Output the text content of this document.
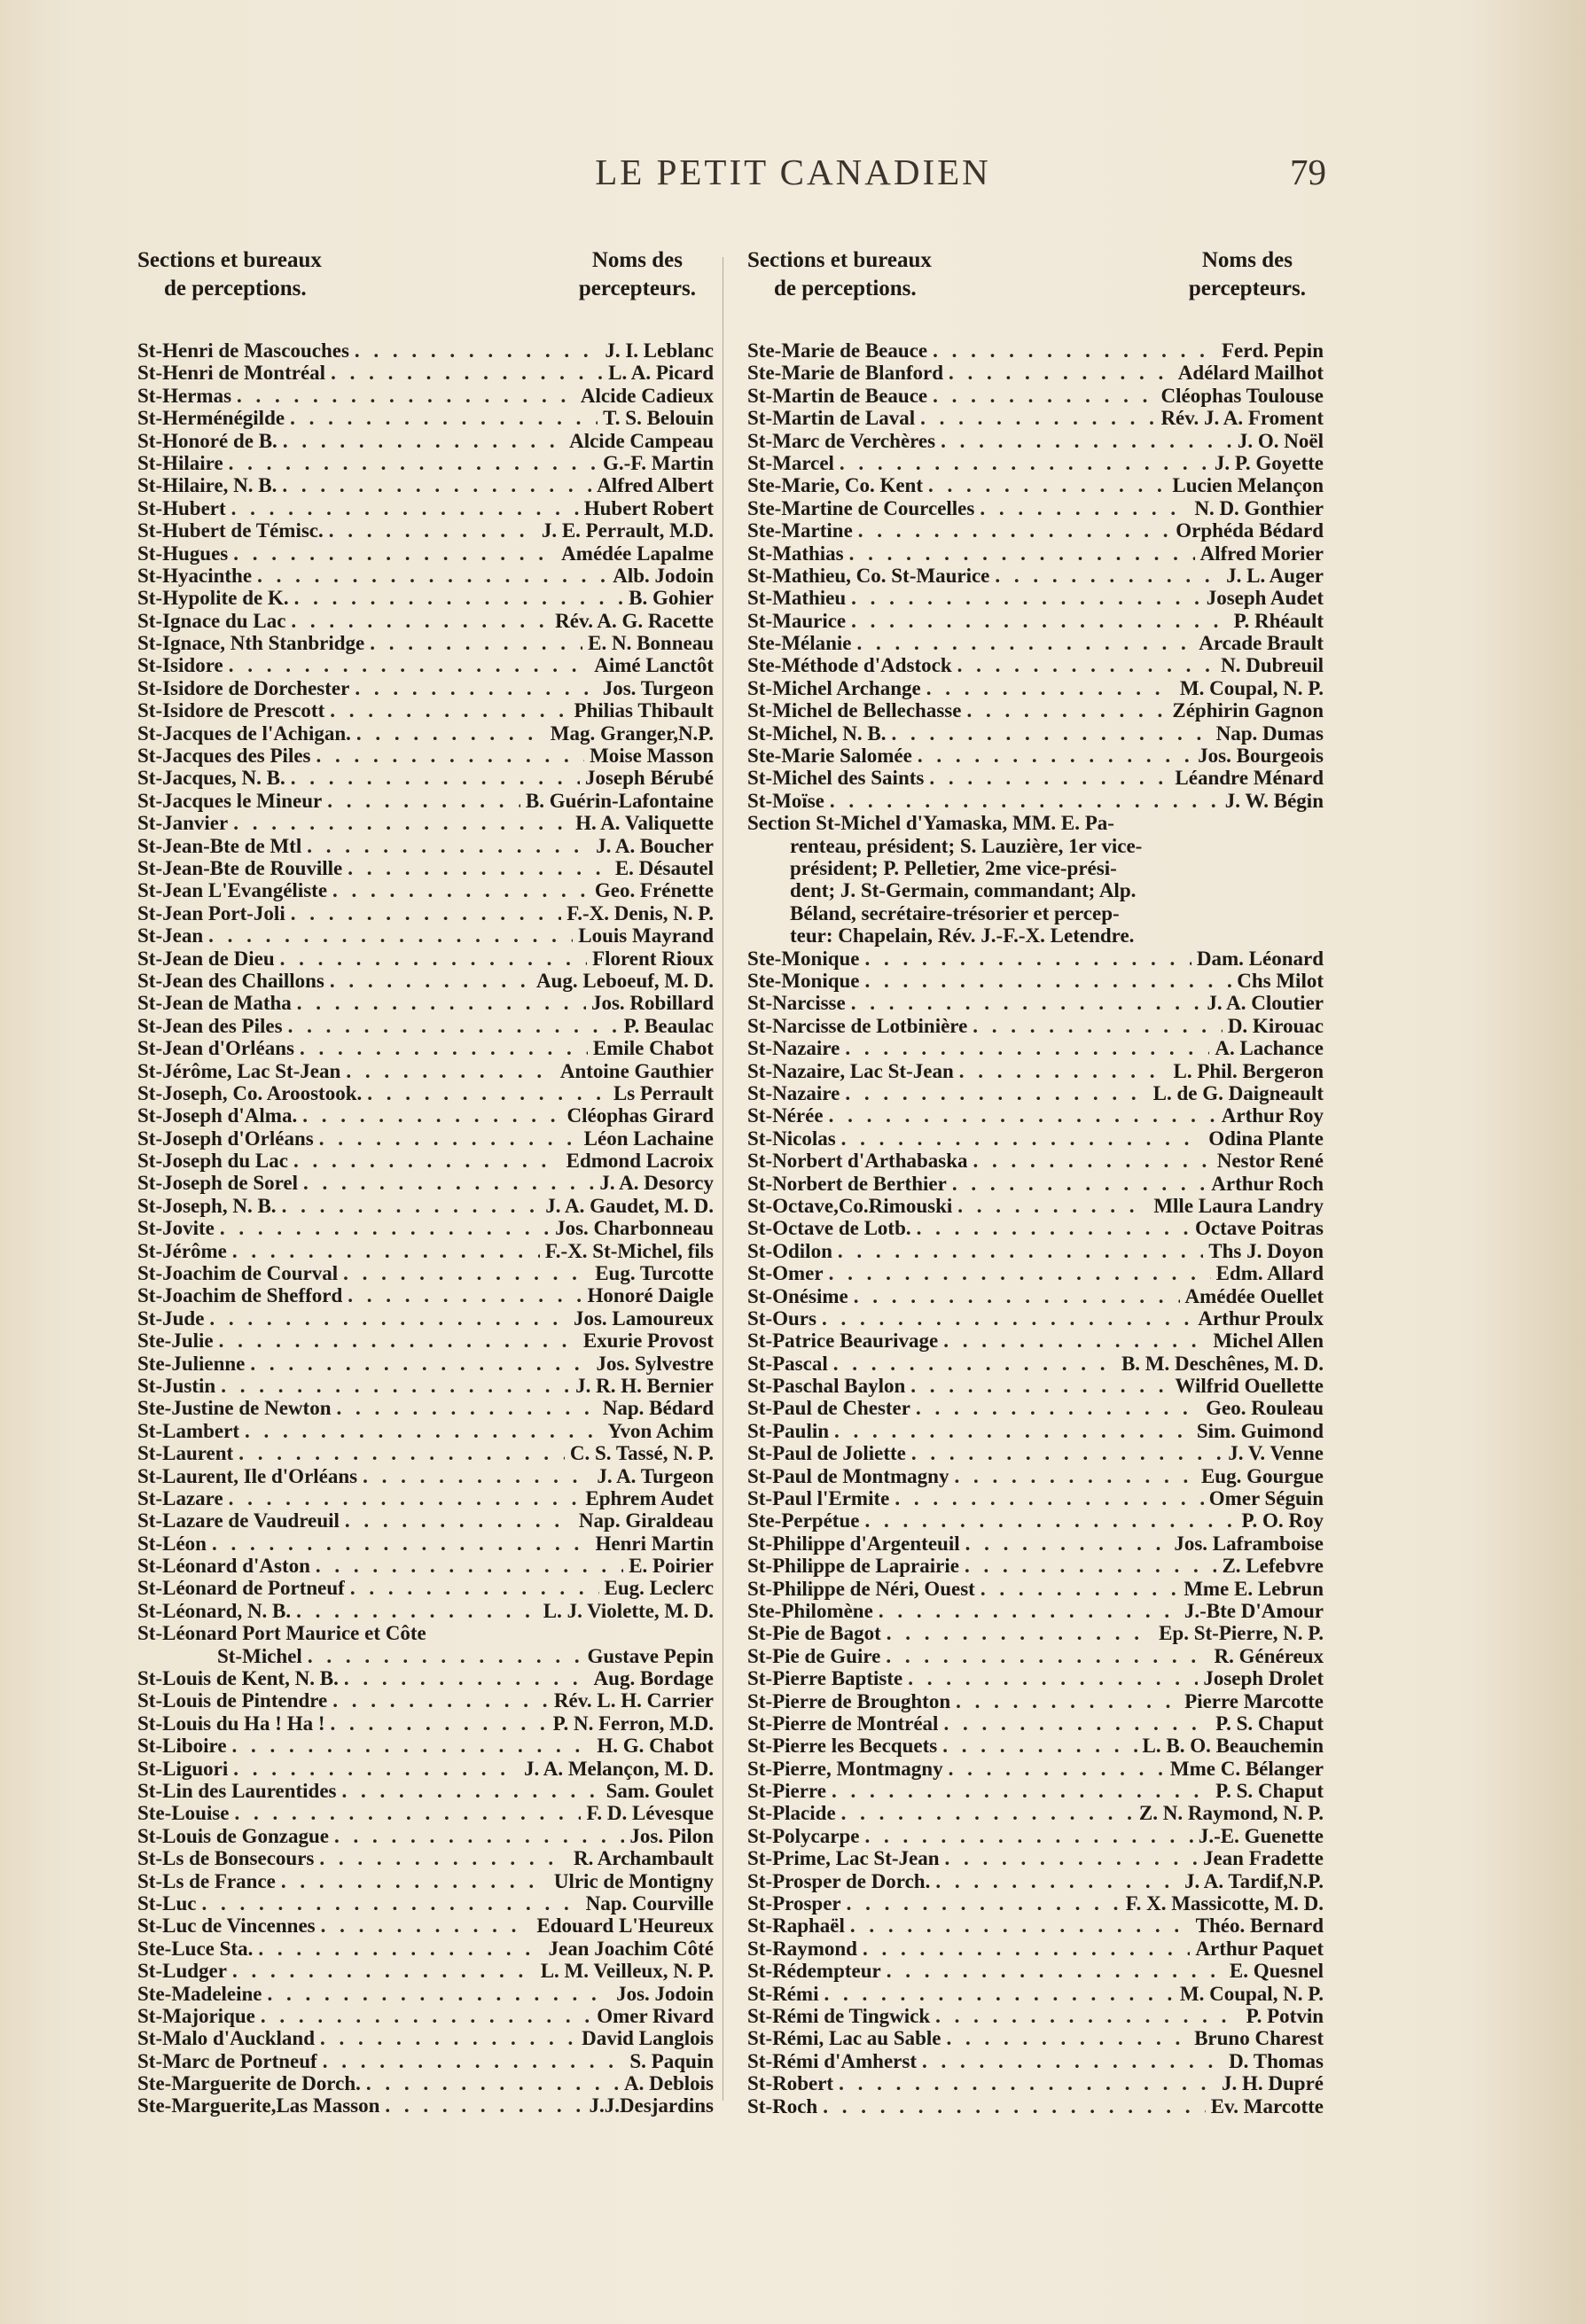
LE PETIT CANADIEN	79
Sections et bureaux
de perceptions.
Noms des
percepteurs.
St-Henri de Mascouches . . .	J. I. Leblanc
St-Henri de Montréal . . .	L. A. Picard
St-Hermas . . .	Alcide Cadieux
St-Herménégilde . . .	T. S. Belouin
St-Honoré de B. . . .	Alcide Campeau
St-Hilaire . . .	G.-F. Martin
St-Hilaire, N. B. . . .	Alfred Albert
St-Hubert . . .	Hubert Robert
St-Hubert de Témisc. . . .	J. E. Perrault, M.D.
St-Hugues . . .	Amédée Lapalme
St-Hyacinthe . . .	Alb. Jodoin
St-Hypolite de K. . . .	B. Gohier
St-Ignace du Lac . . .	Rév. A. G. Racette
St-Ignace, Nth Stanbridge . . .	E. N. Bonneau
St-Isidore . . .	Aimé Lanctôt
St-Isidore de Dorchester . . .	Jos. Turgeon
St-Isidore de Prescott . . .	Philias Thibault
St-Jacques de l'Achigan. . . .	Mag. Granger,N.P.
St-Jacques des Piles . . .	Moise Masson
St-Jacques, N. B. . . .	Joseph Bérubé
St-Jacques le Mineur . . .	B. Guérin-Lafontaine
St-Janvier . . .	H. A. Valiquette
St-Jean-Bte de Mtl . . .	J. A. Boucher
St-Jean-Bte de Rouville . . .	E. Désautel
St-Jean L'Evangéliste . . .	Geo. Frénette
St-Jean Port-Joli . . .	F.-X. Denis, N. P.
St-Jean . . .	Louis Mayrand
St-Jean de Dieu . . .	Florent Rioux
St-Jean des Chaillons . . .	Aug. Leboeuf, M. D.
St-Jean de Matha . . .	Jos. Robillard
St-Jean des Piles . . .	P. Beaulac
St-Jean d'Orléans . . .	Emile Chabot
St-Jérôme, Lac St-Jean . . .	Antoine Gauthier
St-Joseph, Co. Aroostook. . . .	Ls Perrault
St-Joseph d'Alma. . . .	Cléophas Girard
St-Joseph d'Orléans . . .	Léon Lachaine
St-Joseph du Lac . . .	Edmond Lacroix
St-Joseph de Sorel . . .	J. A. Desorcy
St-Joseph, N. B. . . .	J. A. Gaudet, M. D.
St-Jovite . . .	Jos. Charbonneau
St-Jérôme . . .	F.-X. St-Michel, fils
St-Joachim de Courval . . .	Eug. Turcotte
St-Joachim de Shefford . . .	Honoré Daigle
St-Jude . . .	Jos. Lamoureux
Ste-Julie . . .	Exurie Provost
Ste-Julienne . . .	Jos. Sylvestre
St-Justin . . .	J. R. H. Bernier
Ste-Justine de Newton . . .	Nap. Bédard
St-Lambert . . .	Yvon Achim
St-Laurent . . .	C. S. Tassé, N. P.
St-Laurent, Ile d'Orléans . . .	J. A. Turgeon
St-Lazare . . .	Ephrem Audet
St-Lazare de Vaudreuil . . .	Nap. Giraldeau
St-Léon . . .	Henri Martin
St-Léonard d'Aston . . .	E. Poirier
St-Léonard de Portneuf . . .	Eug. Leclerc
St-Léonard, N. B. . . .	L. J. Violette, M. D.
St-Léonard Port Maurice et Côte
St-Michel . . .	Gustave Pepin
St-Louis de Kent, N. B. . . .	Aug. Bordage
St-Louis de Pintendre . . .	Rév. L. H. Carrier
St-Louis du Ha ! Ha ! . . .	P. N. Ferron, M.D.
St-Liboire . . .	H. G. Chabot
St-Liguori . . .	J. A. Melançon, M. D.
St-Lin des Laurentides . . .	Sam. Goulet
Ste-Louise . . .	F. D. Lévesque
St-Louis de Gonzague . . .	Jos. Pilon
St-Ls de Bonsecours . . .	R. Archambault
St-Ls de France . . .	Ulric de Montigny
St-Luc . . .	Nap. Courville
St-Luc de Vincennes . . .	Edouard L'Heureux
Ste-Luce Sta. . . .	Jean Joachim Côté
St-Ludger . . .	L. M. Veilleux, N. P.
Ste-Madeleine . . .	Jos. Jodoin
St-Majorique . . .	Omer Rivard
St-Malo d'Auckland . . .	David Langlois
St-Marc de Portneuf . . .	S. Paquin
Ste-Marguerite de Dorch. . . .	A. Deblois
Ste-Marguerite,Las Masson . . .	J.J.Desjardins
Sections et bureaux
de perceptions.
Noms des
percepteurs.
Ste-Marie de Beauce . . .	Ferd. Pepin
Ste-Marie de Blanford . . .	Adélard Mailhot
St-Martin de Beauce . . .	Cléophas Toulouse
St-Martin de Laval . . .	Rév. J. A. Froment
St-Marc de Verchères . . .	J. O. Noël
St-Marcel . . .	J. P. Goyette
Ste-Marie, Co. Kent . . .	Lucien Melançon
Ste-Martine de Courcelles . . .	N. D. Gonthier
Ste-Martine . . .	Orphéda Bédard
St-Mathias . . .	Alfred Morier
St-Mathieu, Co. St-Maurice . . .	J. L. Auger
St-Mathieu . . .	Joseph Audet
St-Maurice . . .	P. Rhéault
Ste-Mélanie . . .	Arcade Brault
Ste-Méthode d'Adstock . . .	N. Dubreuil
St-Michel Archange . . .	M. Coupal, N. P.
St-Michel de Bellechasse . . .	Zéphirin Gagnon
St-Michel, N. B. . . .	Nap. Dumas
Ste-Marie Salomée . . .	Jos. Bourgeois
St-Michel des Saints . . .	Léandre Ménard
St-Moïse . . .	J. W. Bégin
Section St-Michel d'Yamaska, MM. E. Pa-
renteau, président; S. Lauzière, 1er vice-
président; P. Pelletier, 2me vice-prési-
dent; J. St-Germain, commandant; Alp.
Béland, secrétaire-trésorier et percep-
teur: Chapelain, Rév. J.-F.-X. Letendre.
Ste-Monique . . .	Dam. Léonard
Ste-Monique . . .	Chs Milot
St-Narcisse . . .	J. A. Cloutier
St-Narcisse de Lotbinière . . .	D. Kirouac
St-Nazaire . . .	A. Lachance
St-Nazaire, Lac St-Jean . . .	L. Phil. Bergeron
St-Nazaire . . .	L. de G. Daigneault
St-Nérée . . .	Arthur Roy
St-Nicolas . . .	Odina Plante
St-Norbert d'Arthabaska . . .	Nestor René
St-Norbert de Berthier . . .	Arthur Roch
St-Octave,Co.Rimouski . . .	Mlle Laura Landry
St-Octave de Lotb. . . .	Octave Poitras
St-Odilon . . .	Ths J. Doyon
St-Omer . . .	Edm. Allard
St-Onésime . . .	Amédée Ouellet
St-Ours . . .	Arthur Proulx
St-Patrice Beaurivage . . .	Michel Allen
St-Pascal . . .	B. M. Deschênes, M. D.
St-Paschal Baylon . . .	Wilfrid Ouellette
St-Paul de Chester . . .	Geo. Rouleau
St-Paulin . . .	Sim. Guimond
St-Paul de Joliette . . .	J. V. Venne
St-Paul de Montmagny . . .	Eug. Gourgue
St-Paul l'Ermite . . .	Omer Séguin
Ste-Perpétue . . .	P. O. Roy
St-Philippe d'Argenteuil . . .	Jos. Laframboise
St-Philippe de Laprairie . . .	Z. Lefebvre
St-Philippe de Néri, Ouest . . .	Mme E. Lebrun
Ste-Philomène . . .	J.-Bte D'Amour
St-Pie de Bagot . . .	Ep. St-Pierre, N. P.
St-Pie de Guire . . .	R. Généreux
St-Pierre Baptiste . . .	Joseph Drolet
St-Pierre de Broughton . . .	Pierre Marcotte
St-Pierre de Montréal . . .	P. S. Chaput
St-Pierre les Becquets . . .	L. B. O. Beauchemin
St-Pierre, Montmagny . . .	Mme C. Bélanger
St-Pierre . . .	P. S. Chaput
St-Placide . . .	Z. N. Raymond, N. P.
St-Polycarpe . . .	J.-E. Guenette
St-Prime, Lac St-Jean . . .	Jean Fradette
St-Prosper de Dorch. . . .	J. A. Tardif,N.P.
St-Prosper . . .	F. X. Massicotte, M. D.
St-Raphaël . . .	Théo. Bernard
St-Raymond . . .	Arthur Paquet
St-Rédempteur . . .	E. Quesnel
St-Rémi . . .	M. Coupal, N. P.
St-Rémi de Tingwick . . .	P. Potvin
St-Rémi, Lac au Sable . . .	Bruno Charest
St-Rémi d'Amherst . . .	D. Thomas
St-Robert . . .	J. H. Dupré
St-Roch . . .	Ev. Marcotte
